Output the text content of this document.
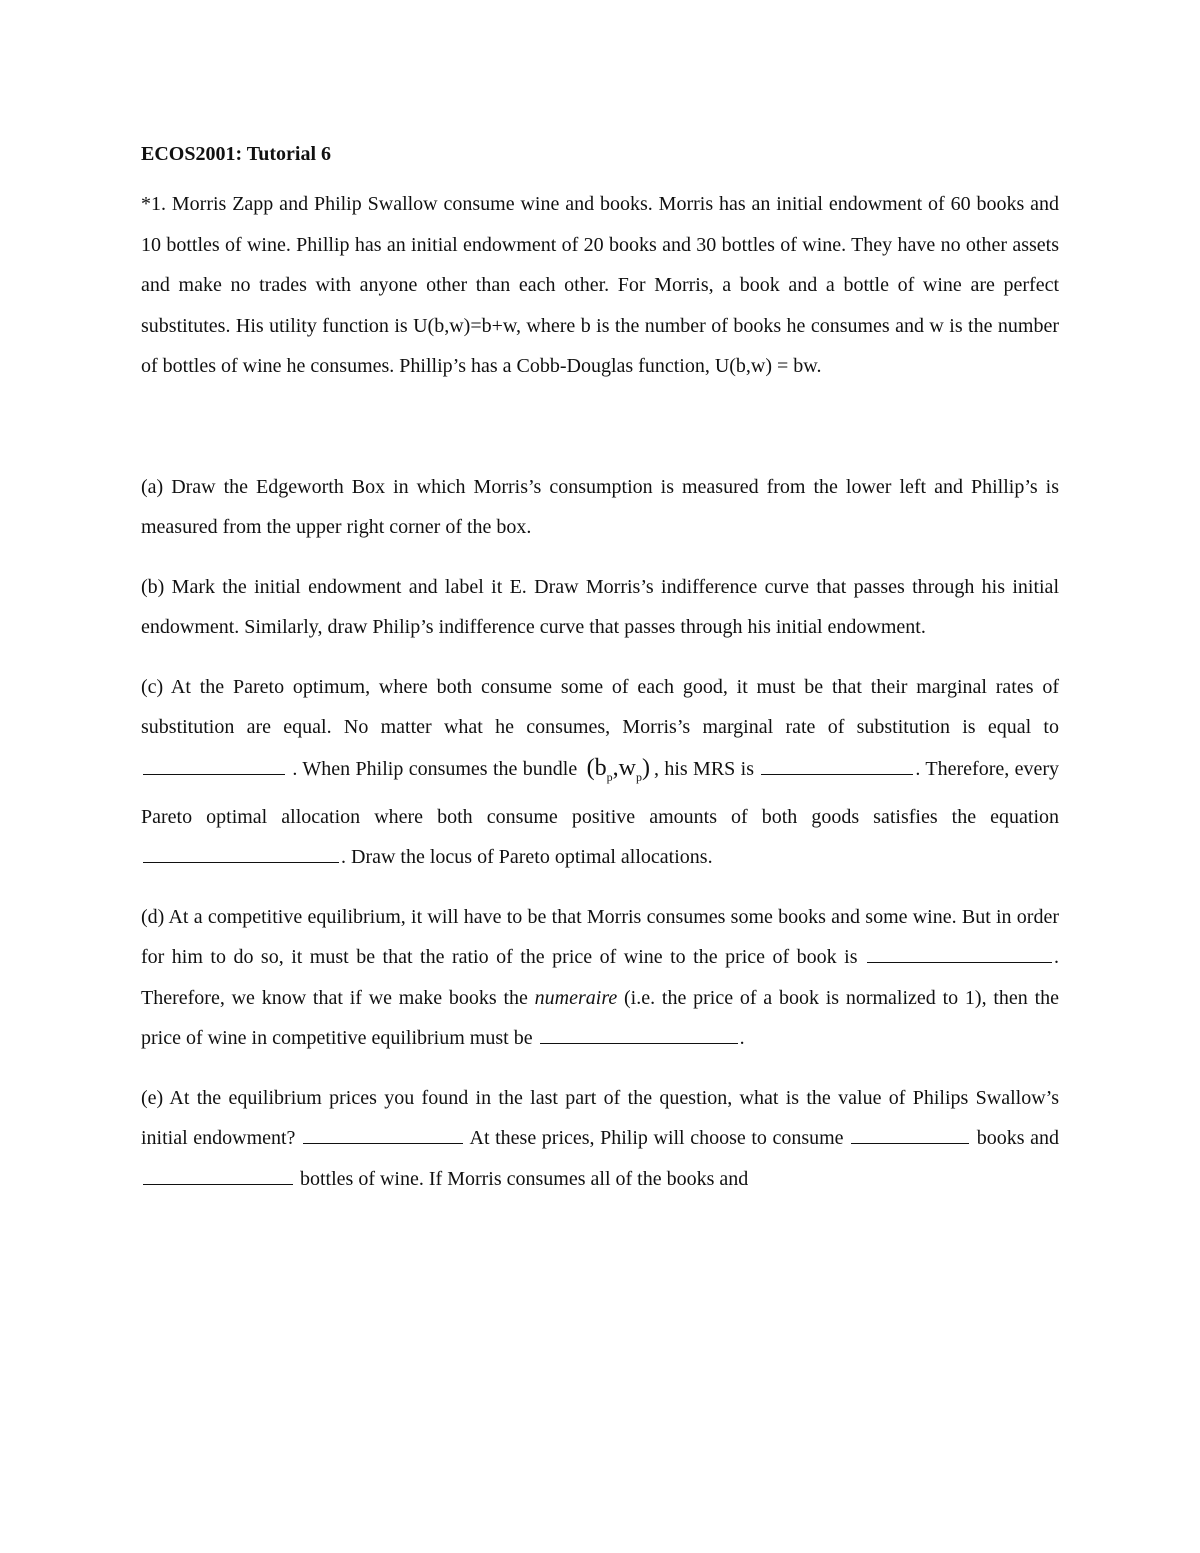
ECOS2001: Tutorial 6

*1. Morris Zapp and Philip Swallow consume wine and books. Morris has an initial endowment of 60 books and 10 bottles of wine. Phillip has an initial endowment of 20 books and 30 bottles of wine. They have no other assets and make no trades with anyone other than each other. For Morris, a book and a bottle of wine are perfect substitutes. His utility function is U(b,w)=b+w, where b is the number of books he consumes and w is the number of bottles of wine he consumes. Phillip’s has a Cobb-Douglas function, U(b,w) = bw.

(a) Draw the Edgeworth Box in which Morris’s consumption is measured from the lower left and Phillip’s is measured from the upper right corner of the box.

(b) Mark the initial endowment and label it E. Draw Morris’s indifference curve that passes through his initial endowment. Similarly, draw Philip’s indifference curve that passes through his initial endowment.

(c) At the Pareto optimum, where both consume some of each good, it must be that their marginal rates of substitution are equal. No matter what he consumes, Morris’s marginal rate of substitution is equal to  . When Philip consumes the bundle $(b_p,w_p)$ , his MRS is	. Therefore, every Pareto optimal allocation where both consume positive amounts of both goods satisfies the equation . Draw the locus of Pareto optimal allocations.

(d) At a competitive equilibrium, it will have to be that Morris consumes some books and some wine. But in order for him to do so, it must be that the ratio of the price of wine to the price of book is	. Therefore, we know that if we make books the numeraire (i.e. the price of a book is normalized to 1), then the price of wine in competitive equilibrium must be	.

(e) At the equilibrium prices you found in the last part of the question, what is the value of Philips Swallow’s initial endowment?	At these prices, Philip will choose to consume	books and  bottles of wine. If Morris consumes all of the books and
